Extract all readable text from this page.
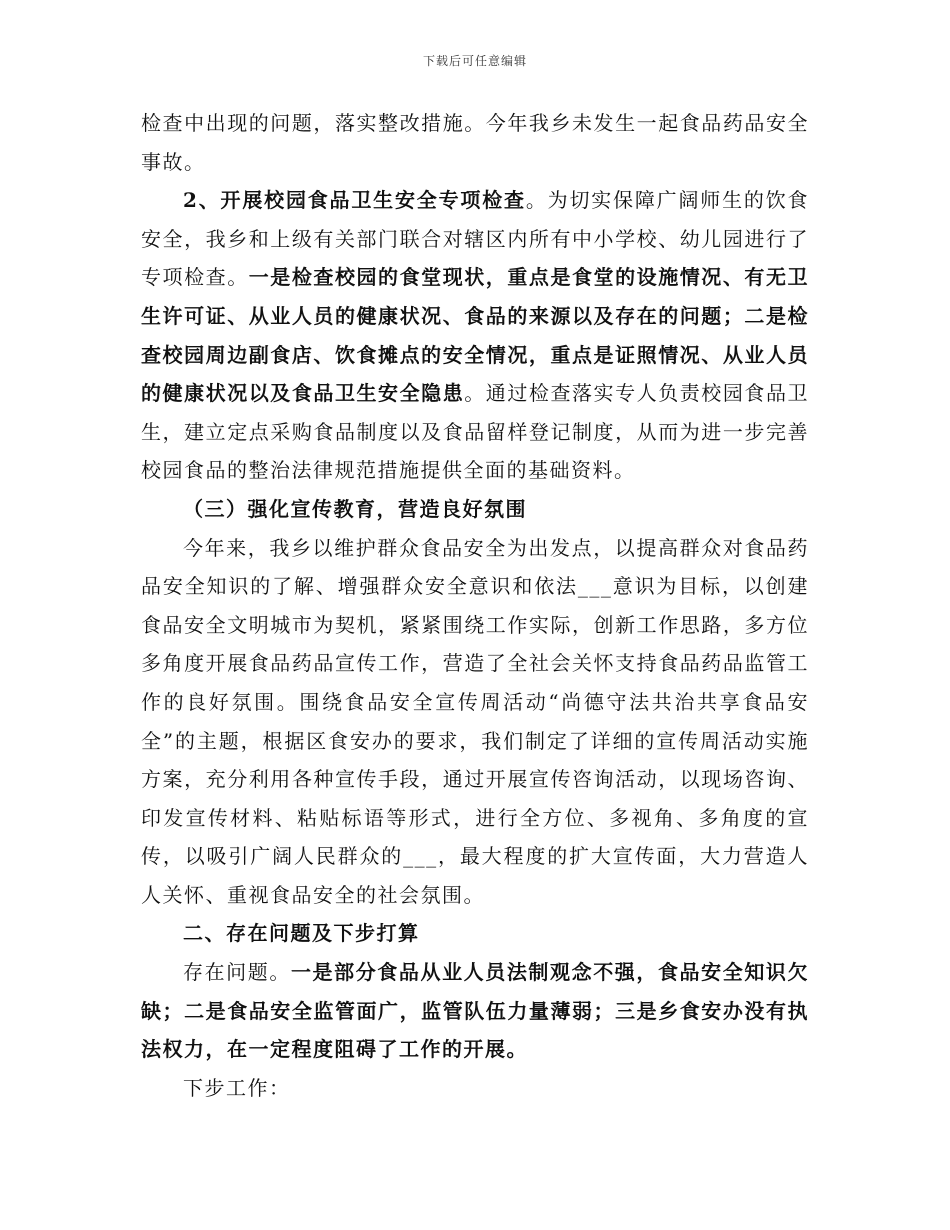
下载后可任意编辑

检查中出现的问题，落实整改措施。今年我乡未发生一起食品药品安全事故。

2、开展校园食品卫生安全专项检查。为切实保障广阔师生的饮食安全，我乡和上级有关部门联合对辖区内所有中小学校、幼儿园进行了专项检查。一是检查校园的食堂现状，重点是食堂的设施情况、有无卫生许可证、从业人员的健康状况、食品的来源以及存在的问题；二是检查校园周边副食店、饮食摊点的安全情况，重点是证照情况、从业人员的健康状况以及食品卫生安全隐患。通过检查落实专人负责校园食品卫生，建立定点采购食品制度以及食品留样登记制度，从而为进一步完善校园食品的整治法律规范措施提供全面的基础资料。

（三）强化宣传教育，营造良好氛围

今年来，我乡以维护群众食品安全为出发点，以提高群众对食品药品安全知识的了解、增强群众安全意识和依法___意识为目标，以创建食品安全文明城市为契机，紧紧围绕工作实际，创新工作思路，多方位多角度开展食品药品宣传工作，营造了全社会关怀支持食品药品监管工作的良好氛围。围绕食品安全宣传周活动“尚德守法共治共享食品安全”的主题，根据区食安办的要求，我们制定了详细的宣传周活动实施方案，充分利用各种宣传手段，通过开展宣传咨询活动，以现场咨询、印发宣传材料、粘贴标语等形式，进行全方位、多视角、多角度的宣传，以吸引广阔人民群众的___，最大程度的扩大宣传面，大力营造人人关怀、重视食品安全的社会氛围。

二、存在问题及下步打算

存在问题。一是部分食品从业人员法制观念不强，食品安全知识欠缺；二是食品安全监管面广，监管队伍力量薄弱；三是乡食安办没有执法权力，在一定程度阻碍了工作的开展。

下步工作：
